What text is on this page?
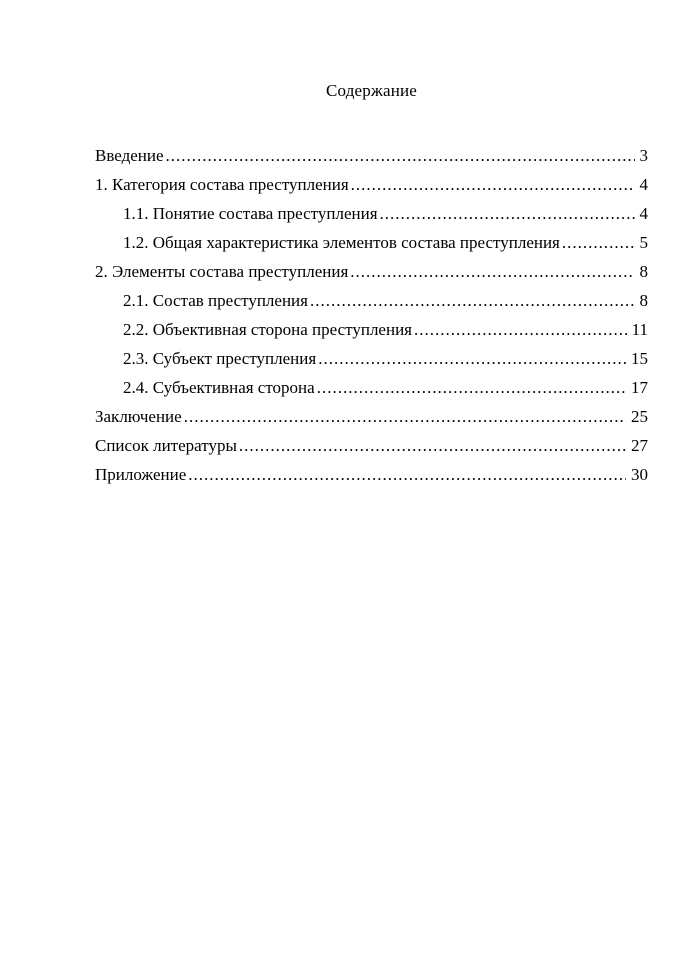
Содержание
Введение .....	3
1. Категория состава преступления .....	4
1.1. Понятие состава преступления .....	4
1.2. Общая характеристика элементов состава преступления .....	5
2. Элементы состава преступления .....	8
2.1. Состав преступления .....	8
2.2. Объективная сторона преступления .....	11
2.3. Субъект преступления .....	15
2.4. Субъективная сторона .....	17
Заключение .....	25
Список литературы .....	27
Приложение .....	30
